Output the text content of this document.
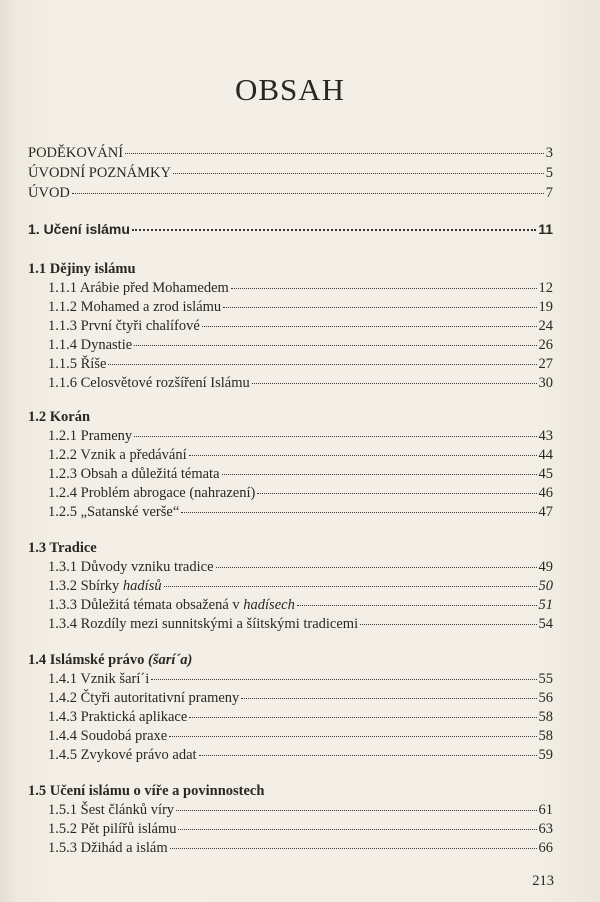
OBSAH
PODĚKOVÁNÍ	3
ÚVODNÍ POZNÁMKY	5
ÚVOD	7
1. Učení islámu	11
1.1 Dějiny islámu
1.1.1 Arábie před Mohamedem	12
1.1.2 Mohamed a zrod islámu	19
1.1.3 První čtyři chalífové	24
1.1.4 Dynastie	26
1.1.5 Říše	27
1.1.6 Celosvětové rozšíření Islámu	30
1.2 Korán
1.2.1 Prameny	43
1.2.2 Vznik a předávání	44
1.2.3 Obsah a důležitá témata	45
1.2.4 Problém abrogace (nahrazení)	46
1.2.5 „Satanské verše“	47
1.3 Tradice
1.3.1 Důvody vzniku tradice	49
1.3.2 Sbírky hadísů	50
1.3.3 Důležitá témata obsažená v hadísech	51
1.3.4 Rozdíly mezi sunnitskými a šíitskými tradicemi	54
1.4 Islámské právo (šarí´a)
1.4.1 Vznik šarí´i	55
1.4.2 Čtyři autoritativní prameny	56
1.4.3 Praktická aplikace	58
1.4.4 Soudobá praxe	58
1.4.5 Zvykové právo adat	59
1.5 Učení islámu o víře a povinnostech
1.5.1 Šest článků víry	61
1.5.2 Pět pilířů islámu	63
1.5.3 Džihád a islám	66
213
